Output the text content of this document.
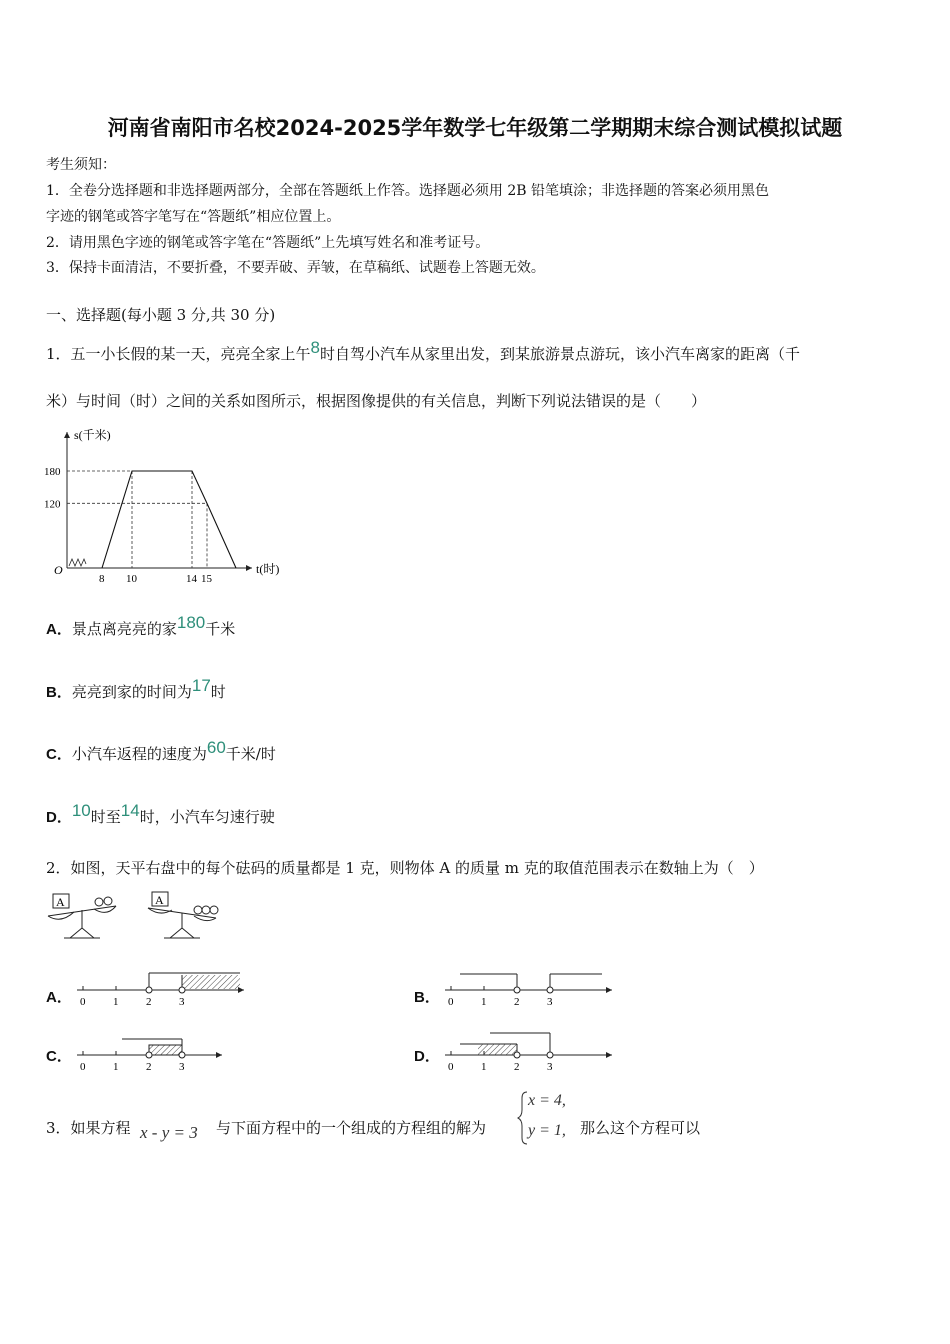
河南省南阳市名校2024-2025学年数学七年级第二学期期末综合测试模拟试题
考生须知：
1．全卷分选择题和非选择题两部分，全部在答题纸上作答。选择题必须用 2B 铅笔填涂；非选择题的答案必须用黑色
字迹的钢笔或答字笔写在“答题纸”相应位置上。
2．请用黑色字迹的钢笔或答字笔在“答题纸”上先填写姓名和准考证号。
3．保持卡面清洁，不要折叠，不要弄破、弄皱，在草稿纸、试题卷上答题无效。
一、选择题(每小题 3 分,共 30 分)
1．五一小长假的某一天，亮亮全家上午8时自驾小汽车从家里出发，到某旅游景点游玩，该小汽车离家的距离（千
米）与时间（时）之间的关系如图所示，根据图像提供的有关信息，判断下列说法错误的是（　　）
s(千米)
t(时)
O
120
180
8 10	14 15
A．景点离亮亮的家180千米
B．亮亮到家的时间为17时
C．小汽车返程的速度为60千米/时
D．10时至14时，小汽车匀速行驶
2．如图，天平右盘中的每个砝码的质量都是 1 克，则物体 A 的质量 m 克的取值范围表示在数轴上为（　）
A	A
A．	B．
C．	D．
0	1	2	3	0	1	2	3
0	1	2	3	0	1	2	3
3．如果方程 x - y = 3 与下面方程中的一个组成的方程组的解为
x = 4,
y = 1, 那么这个方程可以
